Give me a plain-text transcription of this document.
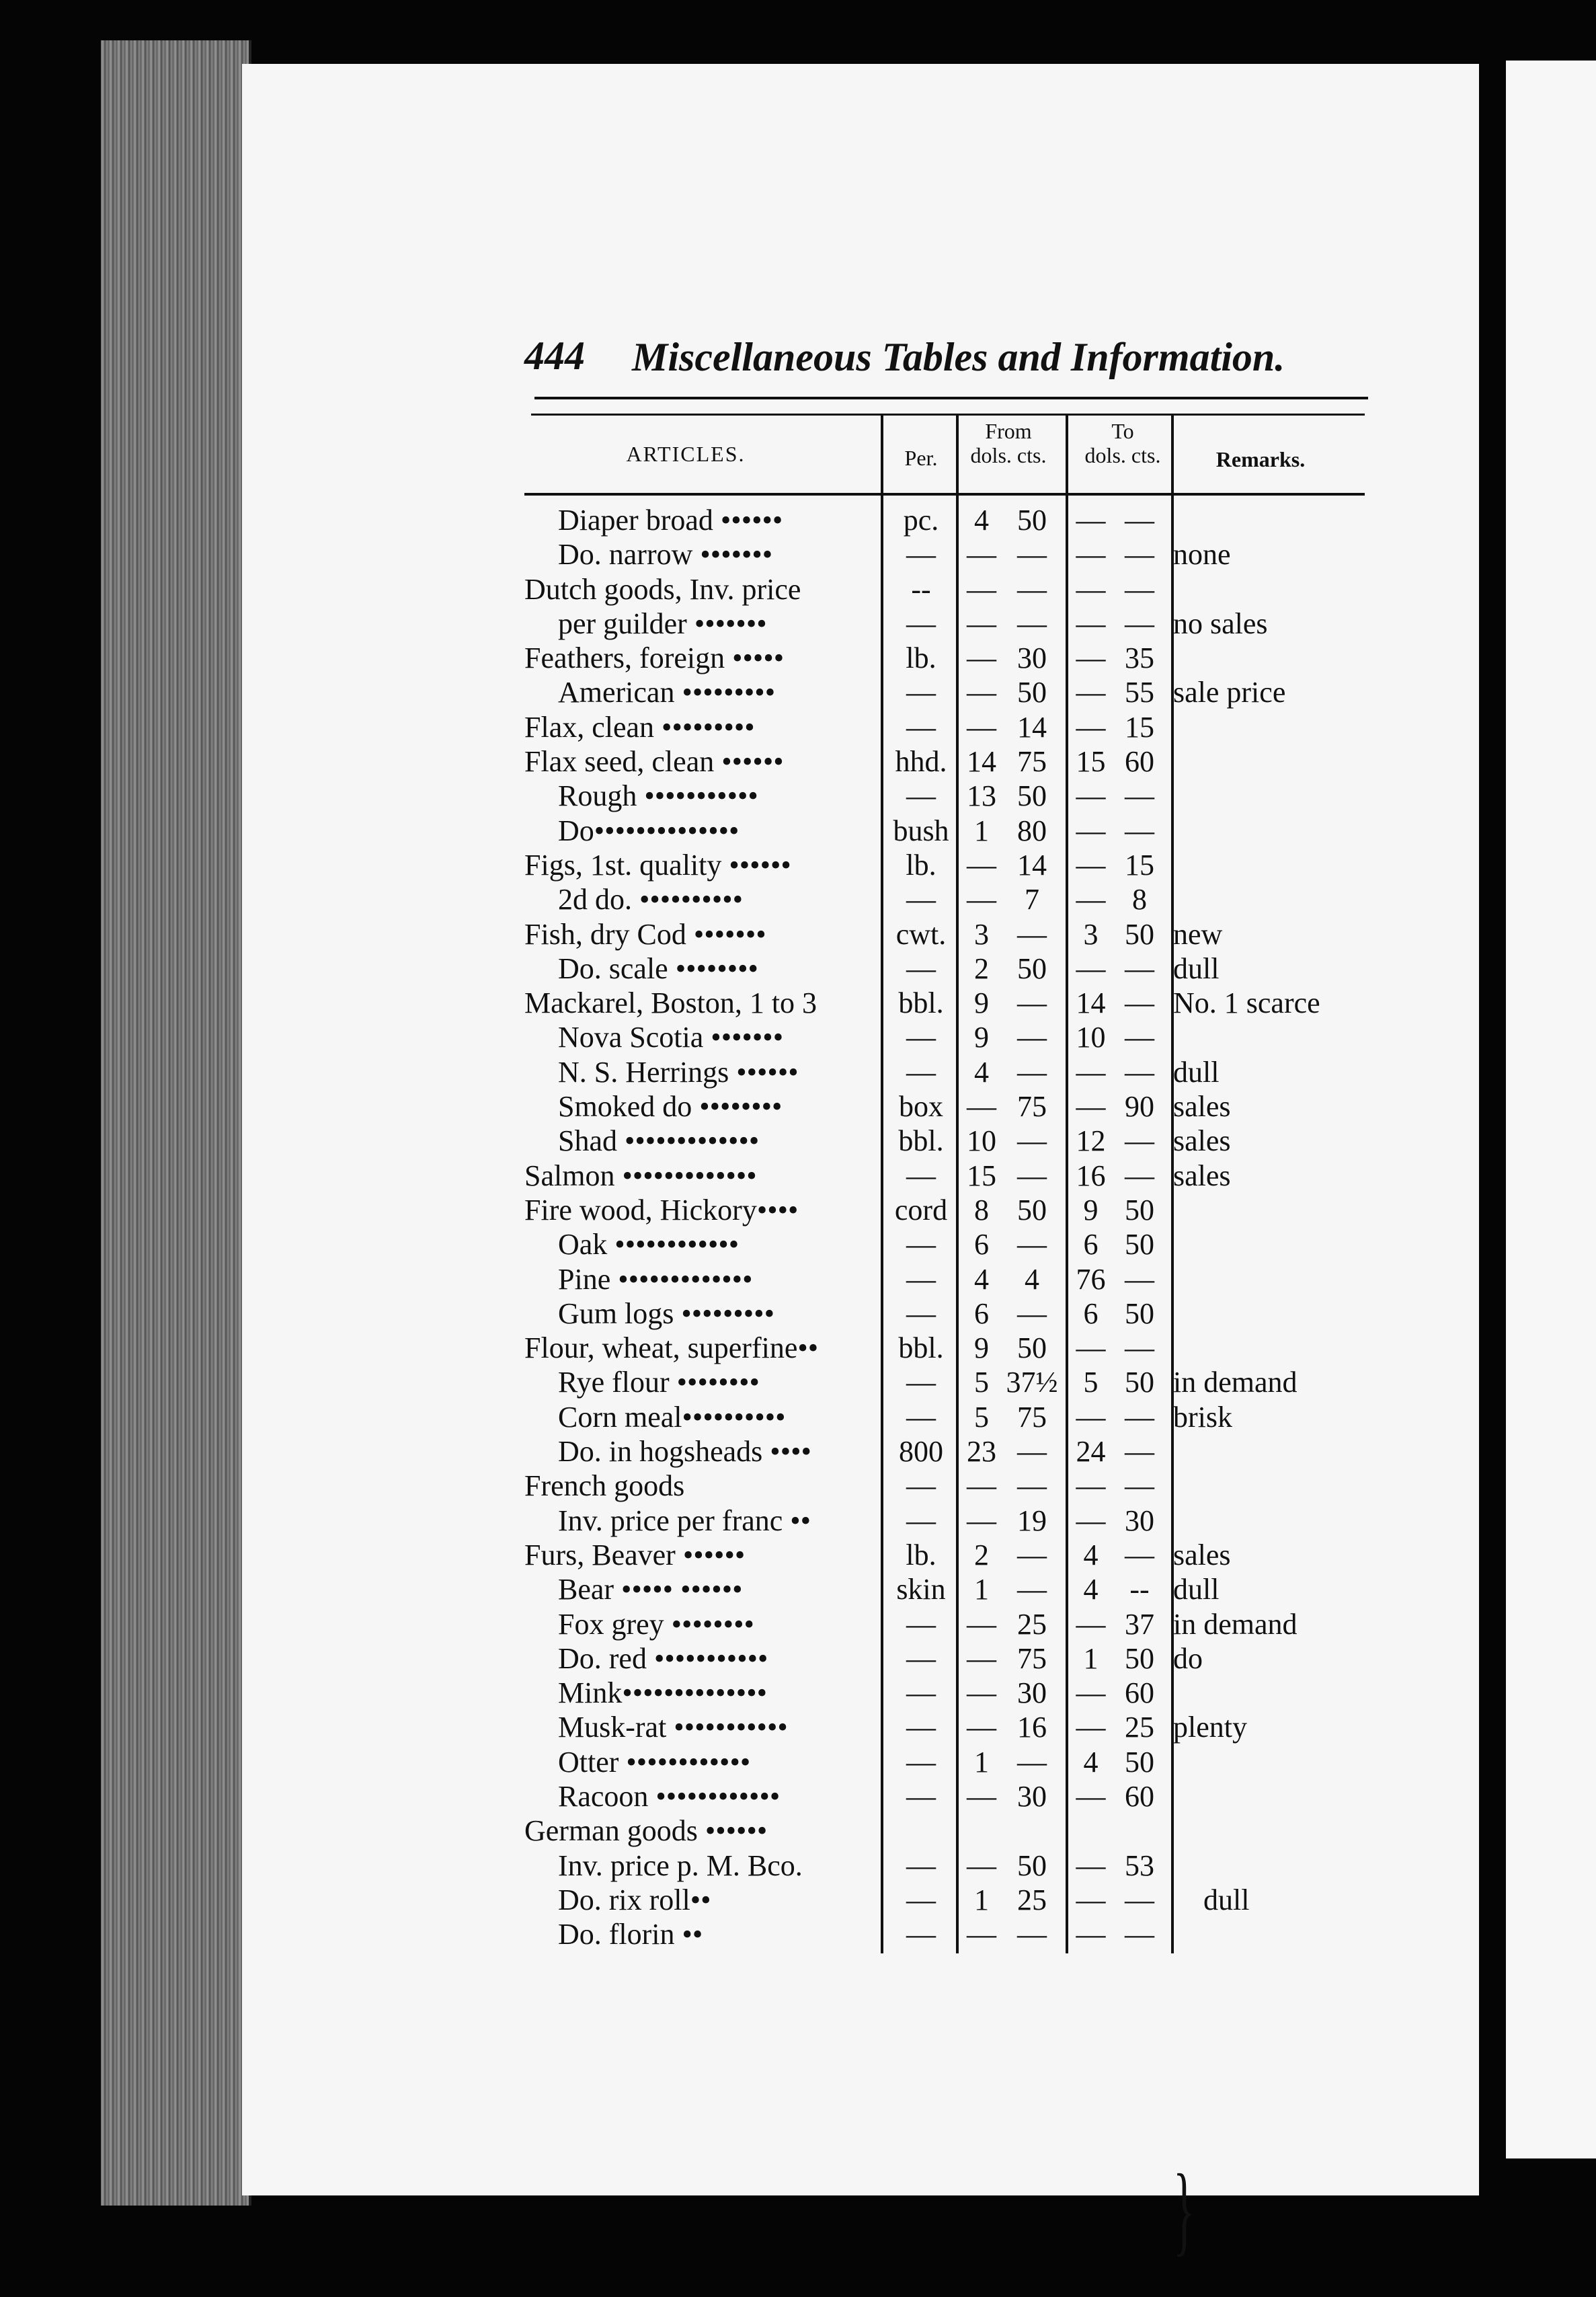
444 Miscellaneous Tables and Information.
ARTICLES.	Per.
From
dols. cts.
To
dols. cts.	Remarks.
Diaper broad ••••••	pc.	4 50 — —
Do. narrow •••••••	—	— — — — none
Dutch goods, Inv. price	--	— — — —
per guilder •••••••	—	— — — — no sales
Feathers, foreign •••••	lb.	— 30 — 35
American •••••••••	—	— 50 — 55 sale price
Flax, clean •••••••••	—	— 14 — 15
Flax seed, clean ••••••	hhd. 14 75 15 60
Rough •••••••••••	—	13 50 — —
Do••••••••••••••	bush 1 80 — —
Figs, 1st. quality ••••••	lb.	— 14 — 15
2d do. ••••••••••	—	— 7	— 8
Fish, dry Cod •••••••	cwt. 3 —	3 50 new
Do. scale ••••••••	—	2 50 — — dull
Mackarel, Boston, 1 to 3	bbl.	9 — 14 — No. 1 scarce
Nova Scotia •••••••	—	9 — 10 —
N. S. Herrings ••••••	—	4 — — — dull
Smoked do ••••••••	box — 75 — 90 sales
Shad •••••••••••••	bbl. 10 — 12 — sales
Salmon •••••••••••••	—	15 — 16 — sales
Fire wood, Hickory••••	cord 8 50	9 50
Oak ••••••••••••	—	6 —	6 50
Pine •••••••••••••	—	4	4	76 —
Gum logs •••••••••	—	6 —	6 50
Flour, wheat, superfine••	bbl.	9 50 — —
Rye flour ••••••••	—	5 37½ 5 50 in demand
Corn meal••••••••••	—	5 75 — — brisk
Do. in hogsheads ••••	800 23 — 24 —
French goods	—	— — — —
Inv. price per franc ••	—	— 19 — 30
Furs, Beaver ••••••	lb.	2 —	4 — sales
Bear ••••• ••••••	skin 1 —	4	-- dull
Fox grey ••••••••	—	— 25 — 37 in demand
Do. red •••••••••••	—	— 75	1 50 do
Mink••••••••••••••	—	— 30 — 60
Musk-rat •••••••••••	—	— 16 — 25 plenty
Otter ••••••••••••	—	1 —	4 50
Racoon ••••••••••••	—	— 30 — 60
German goods ••••••
Inv. price p. M. Bco.	—	— 50 — 53
Do. rix roll••	—	1 25 — —	dull
Do. florin ••	—	— — — —
}
